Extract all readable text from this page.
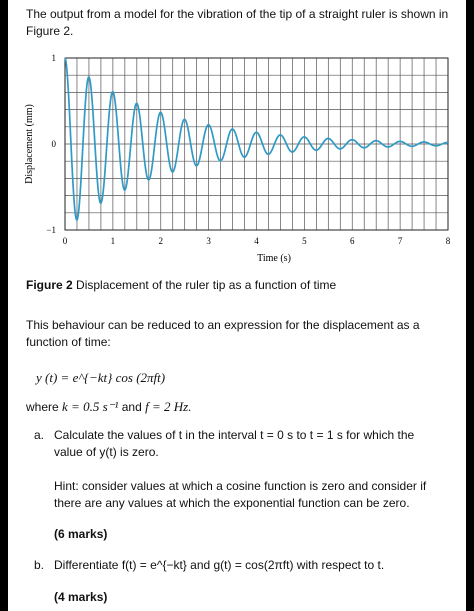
The output from a model for the vibration of the tip of a straight ruler is shown in Figure 2.
0	1	2	3	4	5	6	7	8
−1
0
1
Time (s)
Displacement (mm)
Figure 2 Displacement of the ruler tip as a function of time
This behaviour can be reduced to an expression for the displacement as a function of time:
y (t) = e^{−kt} cos (2πft)
where k = 0.5 s⁻¹ and f = 2 Hz.
a. Calculate the values of t in the interval t = 0 s to t = 1 s for which the
value of y(t) is zero.
Hint: consider values at which a cosine function is zero and consider if
there are any values at which the exponential function can be zero.
(6 marks)
b. Differentiate f(t) = e^{−kt} and g(t) = cos(2πft) with respect to t.
(4 marks)
